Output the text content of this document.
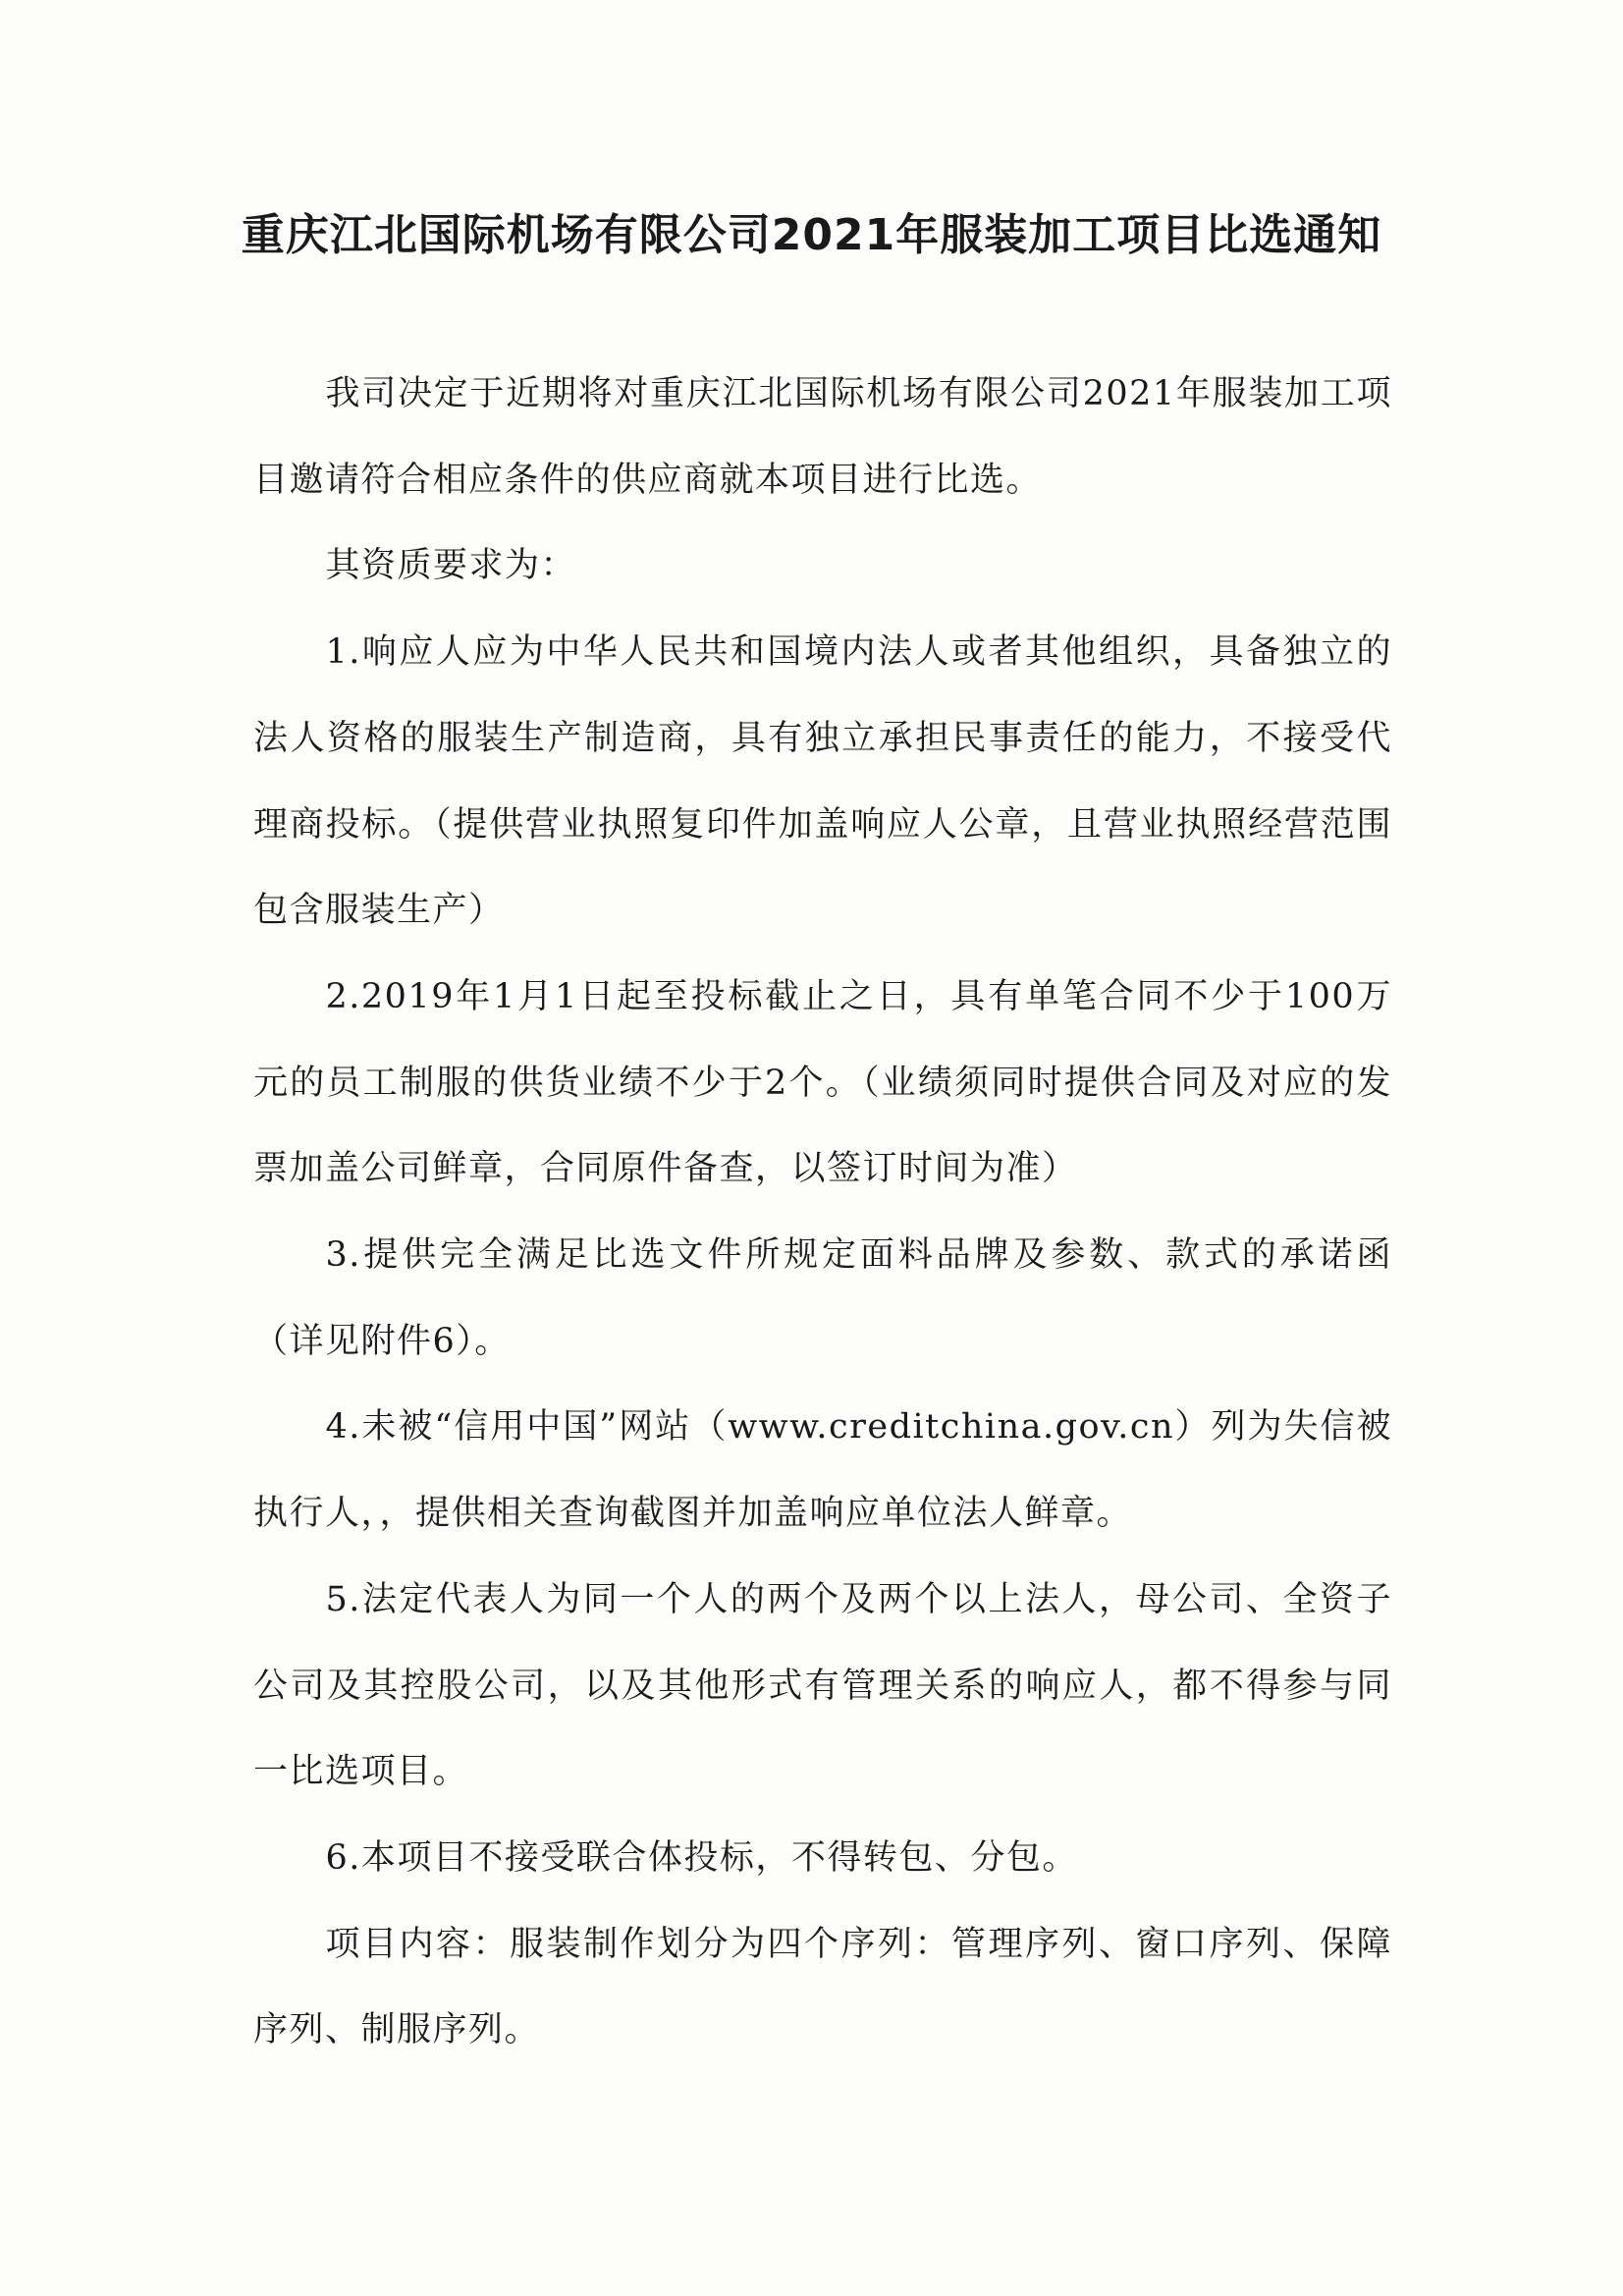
重庆江北国际机场有限公司2021年服装加工项目比选通知

我司决定于近期将对重庆江北国际机场有限公司2021年服装加工项目邀请符合相应条件的供应商就本项目进行比选。

其资质要求为：

1.响应人应为中华人民共和国境内法人或者其他组织，具备独立的法人资格的服装生产制造商，具有独立承担民事责任的能力，不接受代理商投标。（提供营业执照复印件加盖响应人公章，且营业执照经营范围包含服装生产）

2.2019年1月1日起至投标截止之日，具有单笔合同不少于100万元的员工制服的供货业绩不少于2个。（业绩须同时提供合同及对应的发票加盖公司鲜章，合同原件备查，以签订时间为准）

3.提供完全满足比选文件所规定面料品牌及参数、款式的承诺函（详见附件6）。

4.未被“信用中国”网站（www.creditchina.gov.cn）列为失信被执行人，，提供相关查询截图并加盖响应单位法人鲜章。

5.法定代表人为同一个人的两个及两个以上法人，母公司、全资子公司及其控股公司，以及其他形式有管理关系的响应人，都不得参与同一比选项目。

6.本项目不接受联合体投标，不得转包、分包。

项目内容：服装制作划分为四个序列：管理序列、窗口序列、保障序列、制服序列。
